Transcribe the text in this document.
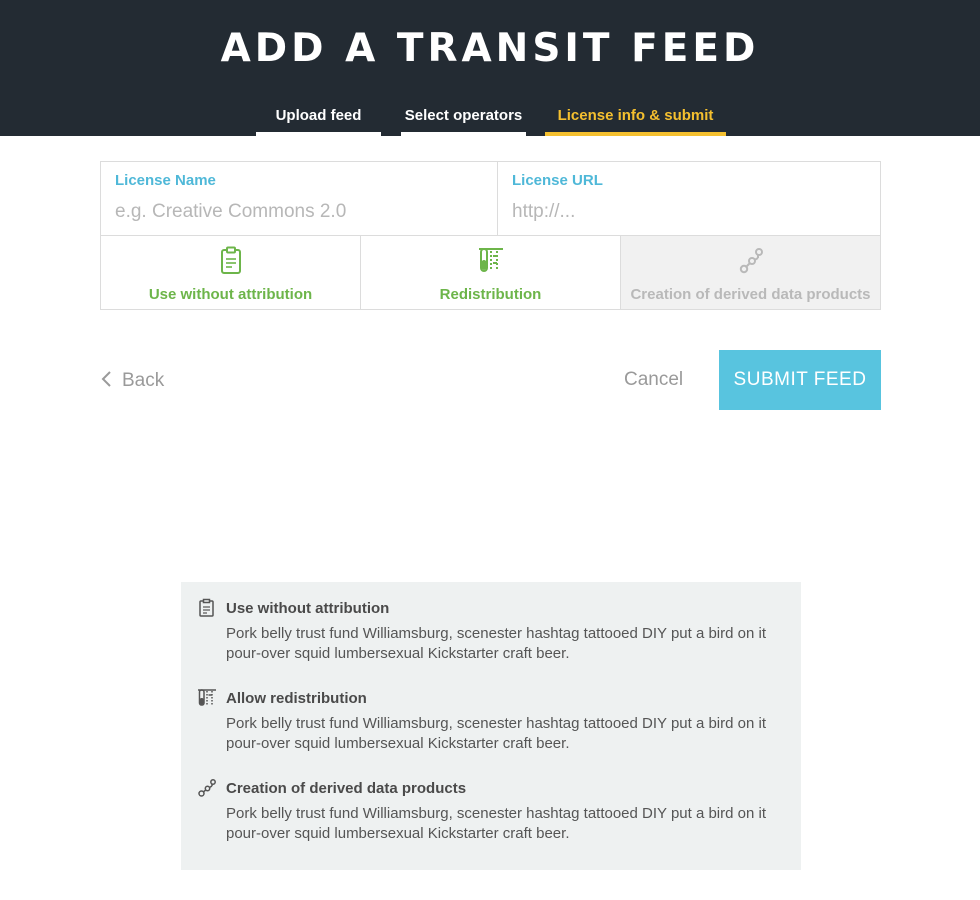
ADD A TRANSIT FEED
Upload feed	Select operators	License info & submit
License Name
e.g. Creative Commons 2.0	License URL
http://...
Use without attribution	Redistribution	Creation of derived data products
Back	Cancel	SUBMIT FEED
Use without attribution
Pork belly trust fund Williamsburg, scenester hashtag tattooed DIY put a bird on it pour-over squid lumbersexual Kickstarter craft beer.
Allow redistribution
Pork belly trust fund Williamsburg, scenester hashtag tattooed DIY put a bird on it pour-over squid lumbersexual Kickstarter craft beer.
Creation of derived data products
Pork belly trust fund Williamsburg, scenester hashtag tattooed DIY put a bird on it pour-over squid lumbersexual Kickstarter craft beer.
